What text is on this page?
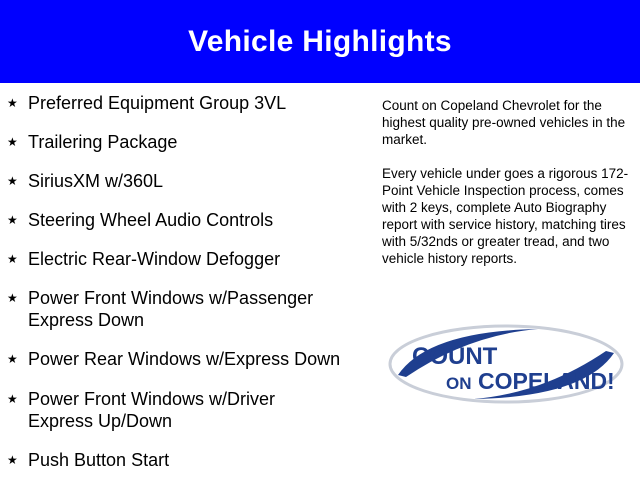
Vehicle Highlights
★ Preferred Equipment Group 3VL
★ Trailering Package
★ SiriusXM w/360L
★ Steering Wheel Audio Controls
★ Electric Rear-Window Defogger
★ Power Front Windows w/Passenger Express Down
★ Power Rear Windows w/Express Down
★ Power Front Windows w/Driver Express Up/Down
★ Push Button Start

Count on Copeland Chevrolet for the highest quality pre-owned vehicles in the market.

Every vehicle under goes a rigorous 172-Point Vehicle Inspection process, comes with 2 keys, complete Auto Biography report with service history, matching tires with 5/32nds or greater tread, and two vehicle history reports.

COUNT
ON COPELAND!
